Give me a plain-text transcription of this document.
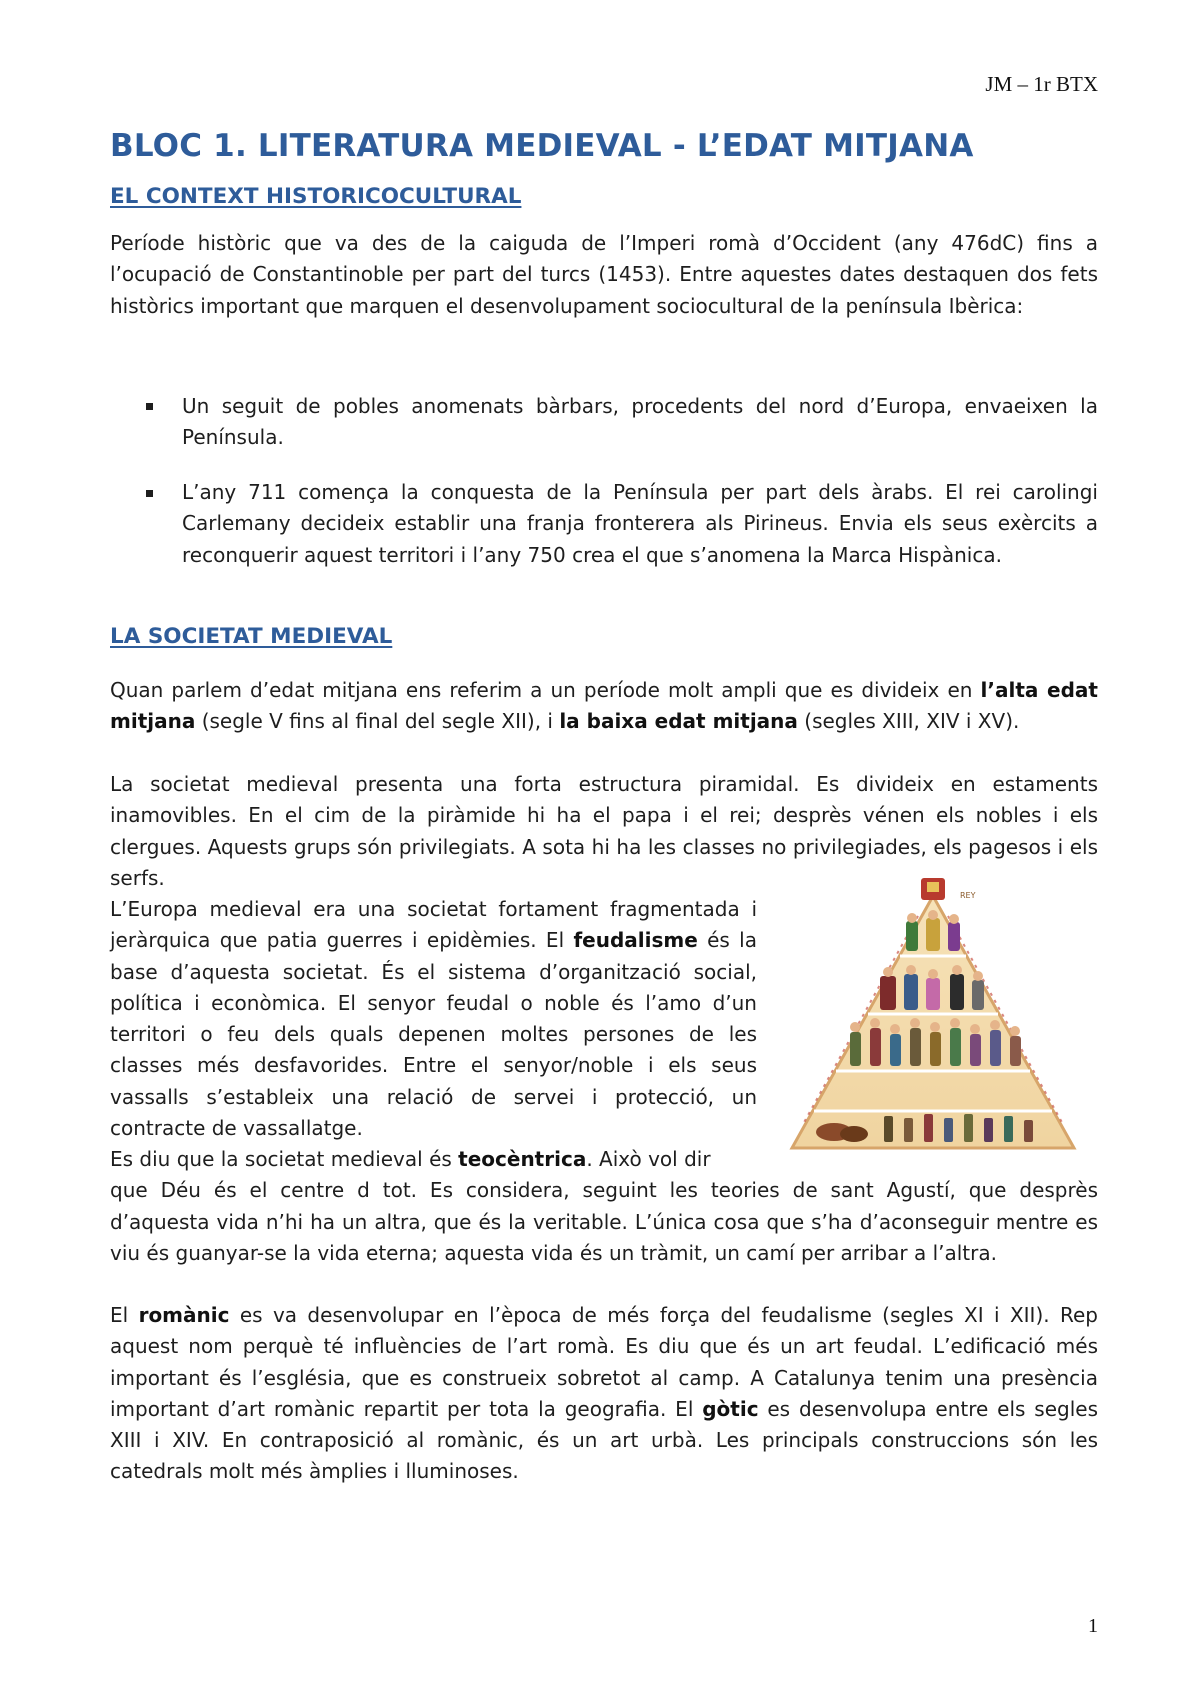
JM – 1r BTX
BLOC 1. LITERATURA MEDIEVAL - L’EDAT MITJANA
EL CONTEXT HISTORICOCULTURAL

Període històric que va des de la caiguda de l’Imperi romà d’Occident (any 476dC) fins a l’ocupació de Constantinoble per part del turcs (1453). Entre aquestes dates destaquen dos fets històrics important que marquen el desenvolupament sociocultural de la península Ibèrica:

Un seguit de pobles anomenats bàrbars, procedents del nord d’Europa, envaeixen la Península.

L’any 711 comença la conquesta de la Península per part dels àrabs. El rei carolingi Carlemany decideix establir una franja fronterera als Pirineus. Envia els seus exèrcits a reconquerir aquest territori i l’any 750 crea el que s’anomena la Marca Hispànica.

LA SOCIETAT MEDIEVAL

Quan parlem d’edat mitjana ens referim a un període molt ampli que es divideix en l’alta edat mitjana (segle V fins al final del segle XII), i la baixa edat mitjana (segles XIII, XIV i XV).

La societat medieval presenta una forta estructura piramidal. Es divideix en estaments inamovibles. En el cim de la piràmide hi ha el papa i el rei; desprès vénen els nobles i els clergues. Aquests grups són privilegiats. A sota hi ha les classes no privilegiades, els pagesos i els serfs.

L’Europa medieval era una societat fortament fragmentada i jeràrquica que patia guerres i epidèmies. El feudalisme és la base d’aquesta societat. És el sistema d’organització social, política i econòmica. El senyor feudal o noble és l’amo d’un territori o feu dels quals depenen moltes persones de les classes més desfavorides. Entre el senyor/noble i els seus vassalls s’estableix una relació de servei i protecció, un contracte de vassallatge.

Es diu que la societat medieval és teocèntrica. Això vol dir
que Déu és el centre d tot. Es considera, seguint les teories de sant Agustí, que desprès d’aquesta vida n’hi ha un altra, que és la veritable. L’única cosa que s’ha d’aconseguir mentre es viu és guanyar-se la vida eterna; aquesta vida és un tràmit, un camí per arribar a l’altra.

El romànic es va desenvolupar en l’època de més força del feudalisme (segles XI i XII). Rep aquest nom perquè té influències de l’art romà. Es diu que és un art feudal. L’edificació més important és l’església, que es construeix sobretot al camp. A Catalunya tenim una presència important d’art romànic repartit per tota la geografia. El gòtic es desenvolupa entre els segles XIII i XIV. En contraposició al romànic, és un art urbà. Les principals construccions són les catedrals molt més àmplies i lluminoses.

REY
1
